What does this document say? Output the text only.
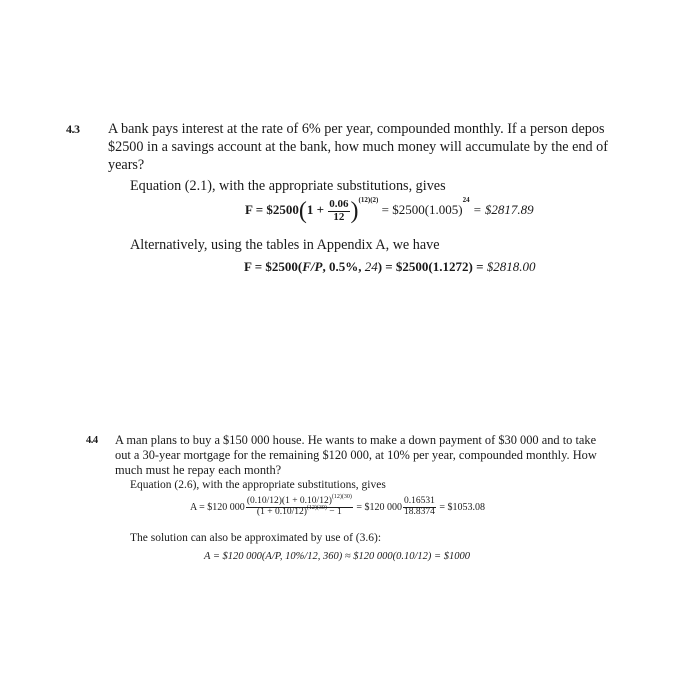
4.3 A bank pays interest at the rate of 6% per year, compounded monthly. If a person depos
$2500 in a savings account at the bank, how much money will accumulate by the end of
years?
Equation (2.1), with the appropriate substitutions, gives
F = $2500(1 + $\frac{0.06}{12} )^{(12)(2)}$ = $\$2500(1.005)^{24}$ = $2817.89
Alternatively, using the tables in Appendix A, we have
F = $2500(F/P, 0.5%, 24) = $2500(1.1272) = $2818.00
4.4 A man plans to buy a $150 000 house. He wants to make a down payment of $30 000 and to take
out a 30-year mortgage for the remaining $120 000, at 10% per year, compounded monthly. How
much must he repay each month?
Equation (2.6), with the appropriate substitutions, gives
A = $120 $000 \frac{(0.10/12)(1 + 0.10/12)^{(12)(30)}}{(1 + 0.10/12)^{(12)(30)} - 1}$ = $120 $000 \frac{0.16531}{18.8374}$ = $1053.08
The solution can also be approximated by use of (3.6):
A = $120 000(A/P, 10%/12, 360) ≈ $120 000(0.10/12) = $1000
